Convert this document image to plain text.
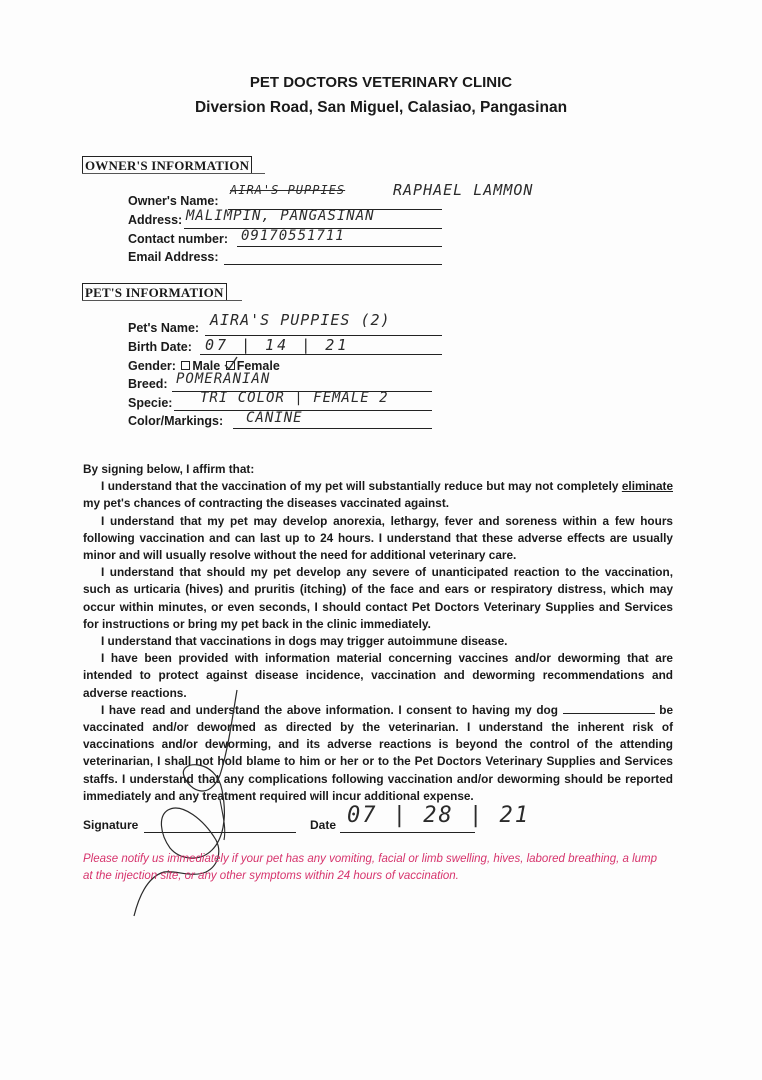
PET DOCTORS VETERINARY CLINIC
Diversion Road, San Miguel, Calasiao, Pangasinan
OWNER'S INFORMATION
Owner's Name:
AIRA'S PUPPIES	RAPHAEL LAMMON
Address: MALIMPIN, PANGASINAN
Contact number: 09170551711
Email Address:
PET'S INFORMATION
Pet's Name: AIRA'S PUPPIES (2)
Birth Date: 07 | 14 | 21
Gender: Male Female
Breed: POMERANIAN
Specie: TRI COLOR | FEMALE 2
Color/Markings: CANINE

By signing below, I affirm that:

I understand that the vaccination of my pet will substantially reduce but may not completely eliminate my pet's chances of contracting the diseases vaccinated against.

I understand that my pet may develop anorexia, lethargy, fever and soreness within a few hours following vaccination and can last up to 24 hours. I understand that these adverse effects are usually minor and will usually resolve without the need for additional veterinary care.

I understand that should my pet develop any severe of unanticipated reaction to the vaccination, such as urticaria (hives) and pruritis (itching) of the face and ears or respiratory distress, which may occur within minutes, or even seconds, I should contact Pet Doctors Veterinary Supplies and Services for instructions or bring my pet back in the clinic immediately.

I understand that vaccinations in dogs may trigger autoimmune disease.

I have been provided with information material concerning vaccines and/or deworming that are intended to protect against disease incidence, vaccination and deworming recommendations and adverse reactions.

I have read and understand the above information. I consent to having my dog	be vaccinated and/or dewormed as directed by the veterinarian. I understand the inherent risk of vaccinations and/or deworming, and its adverse reactions is beyond the control of the attending veterinarian, I shall not hold blame to him or her or to the Pet Doctors Veterinary Supplies and Services staffs. I understand that any complications following vaccination and/or deworming should be reported immediately and any treatment required will incur additional expense.

Signature	Date 07 | 28 | 21
Please notify us immediately if your pet has any vomiting, facial or limb swelling, hives, labored breathing, a lump at the injection site, or any other symptoms within 24 hours of vaccination.
